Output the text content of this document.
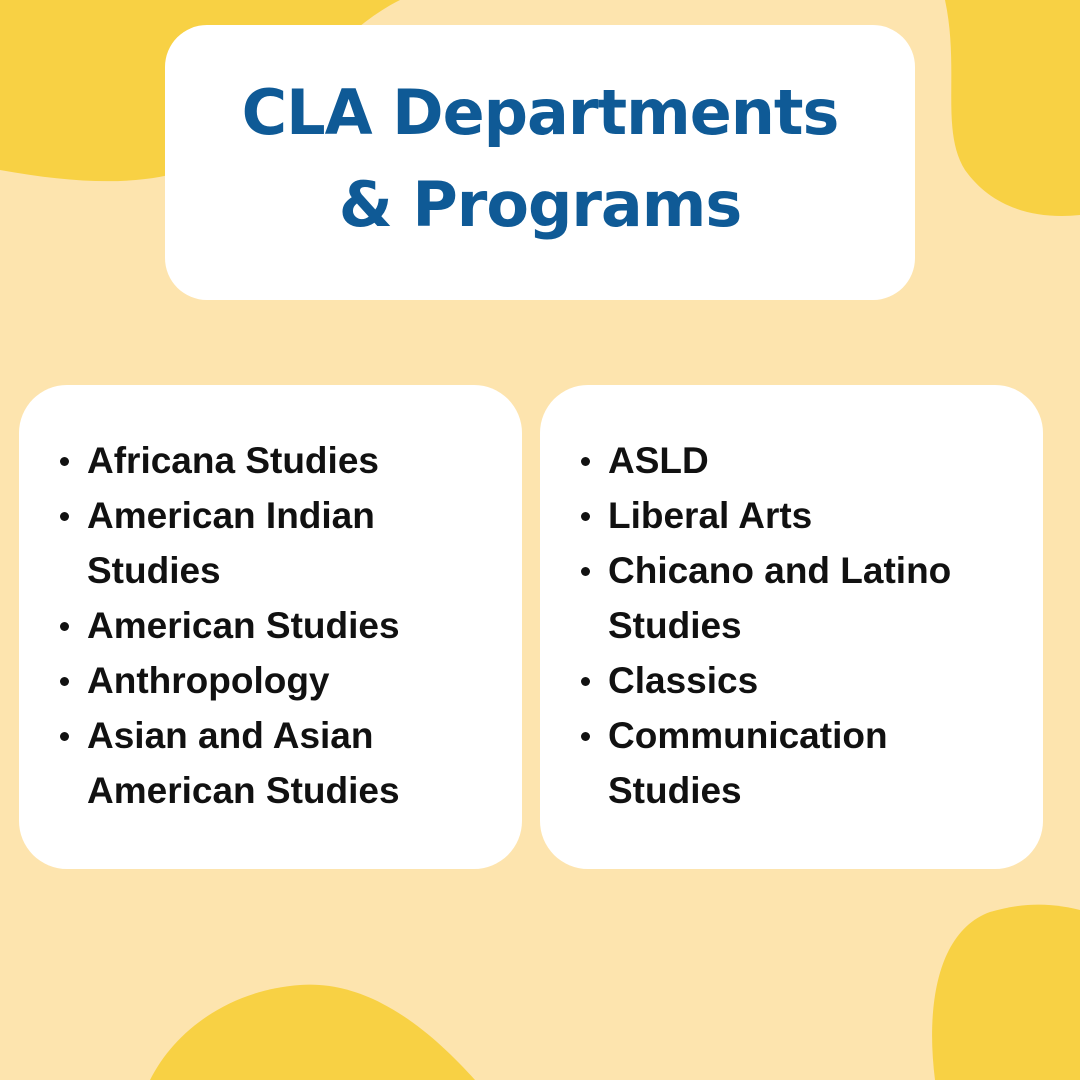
CLA Departments & Programs
Africana Studies
American Indian Studies
American Studies
Anthropology
Asian and Asian American Studies
ASLD
Liberal Arts
Chicano and Latino Studies
Classics
Communication Studies
